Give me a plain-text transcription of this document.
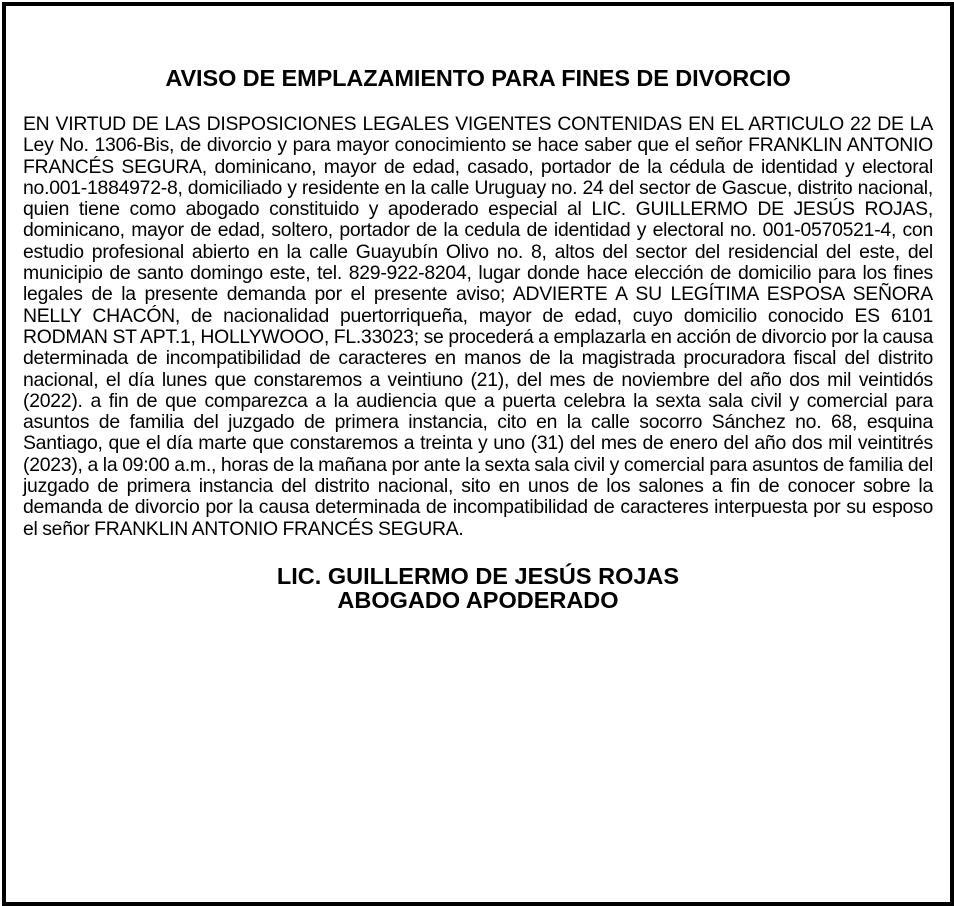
AVISO DE EMPLAZAMIENTO PARA FINES DE DIVORCIO

EN VIRTUD DE LAS DISPOSICIONES LEGALES VIGENTES CONTENIDAS EN EL ARTICULO 22 DE LA Ley No. 1306-Bis, de divorcio y para mayor conocimiento se hace saber que el señor FRANKLIN ANTONIO FRANCÉS SEGURA, dominicano, mayor de edad, casado, portador de la cédula de identidad y electoral no.001-1884972-8, domiciliado y residente en la calle Uruguay no. 24 del sector de Gascue, distrito nacional, quien tiene como abogado constituido y apoderado especial al LIC. GUILLERMO DE JESÚS ROJAS, dominicano, mayor de edad, soltero, portador de la cedula de identidad y electoral no. 001-0570521-4, con estudio profesional abierto en la calle Guayubín Olivo no. 8, altos del sector del residencial del este, del municipio de santo domingo este, tel. 829-922-8204, lugar donde hace elección de domicilio para los fines legales de la presente demanda por el presente aviso; ADVIERTE A SU LEGÍTIMA ESPOSA SEÑORA NELLY CHACÓN, de nacionalidad puertorriqueña, mayor de edad, cuyo domicilio conocido ES 6101 RODMAN ST APT.1, HOLLYWOOO, FL.33023; se procederá a emplazarla en acción de divorcio por la causa determinada de incompatibilidad de caracteres en manos de la magistrada procuradora fiscal del distrito nacional, el día lunes que constaremos a veintiuno (21), del mes de noviembre del año dos mil veintidós (2022). a fin de que comparezca a la audiencia que a puerta celebra la sexta sala civil y comercial para asuntos de familia del juzgado de primera instancia, cito en la calle socorro Sánchez no. 68, esquina Santiago, que el día marte que constaremos a treinta y uno (31) del mes de enero del año dos mil veintitrés (2023), a la 09:00 a.m., horas de la mañana por ante la sexta sala civil y comercial para asuntos de familia del juzgado de primera instancia del distrito nacional, sito en unos de los salones a fin de conocer sobre la demanda de divorcio por la causa determinada de incompatibilidad de caracteres interpuesta por su esposo el señor FRANKLIN ANTONIO FRANCÉS SEGURA.

LIC. GUILLERMO DE JESÚS ROJAS
ABOGADO APODERADO
